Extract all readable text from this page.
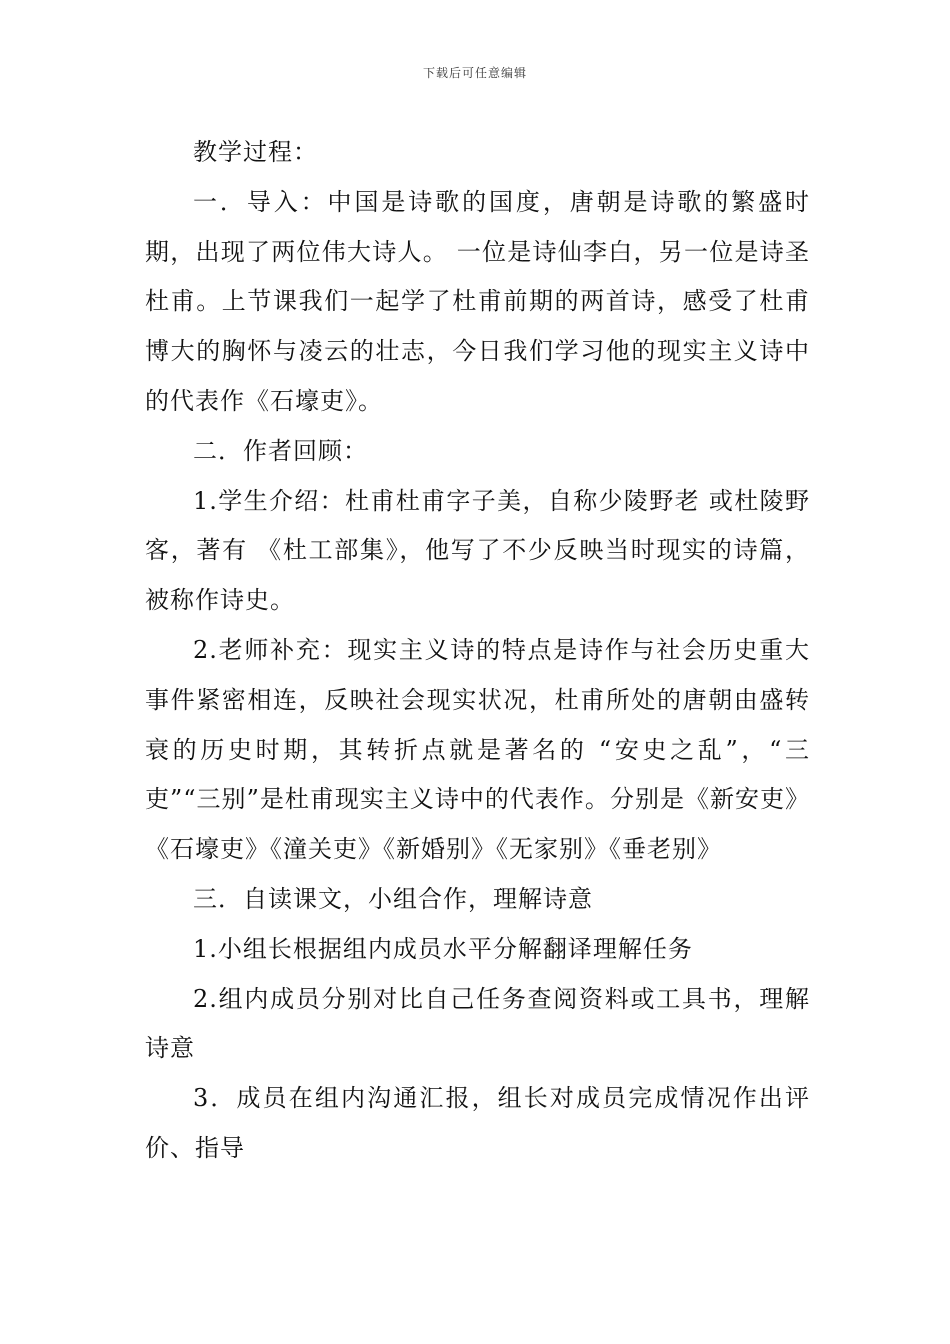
下载后可任意编辑

教学过程：

一．导入：中国是诗歌的国度，唐朝是诗歌的繁盛时期，出现了两位伟大诗人。 一位是诗仙李白，另一位是诗圣杜甫。上节课我们一起学了杜甫前期的两首诗，感受了杜甫博大的胸怀与凌云的壮志，今日我们学习他的现实主义诗中的代表作《石壕吏》。

二．作者回顾：

1.学生介绍：杜甫杜甫字子美，自称少陵野老 或杜陵野客，著有 《杜工部集》，他写了不少反映当时现实的诗篇，被称作诗史。

2.老师补充：现实主义诗的特点是诗作与社会历史重大事件紧密相连，反映社会现实状况，杜甫所处的唐朝由盛转衰的历史时期，其转折点就是著名的 “安史之乱”，“三吏”“三别”是杜甫现实主义诗中的代表作。分别是《新安吏》《石壕吏》《潼关吏》《新婚别》《无家别》《垂老别》

三．自读课文，小组合作，理解诗意

1.小组长根据组内成员水平分解翻译理解任务

2.组内成员分别对比自己任务查阅资料或工具书，理解诗意

3．成员在组内沟通汇报，组长对成员完成情况作出评价、指导
